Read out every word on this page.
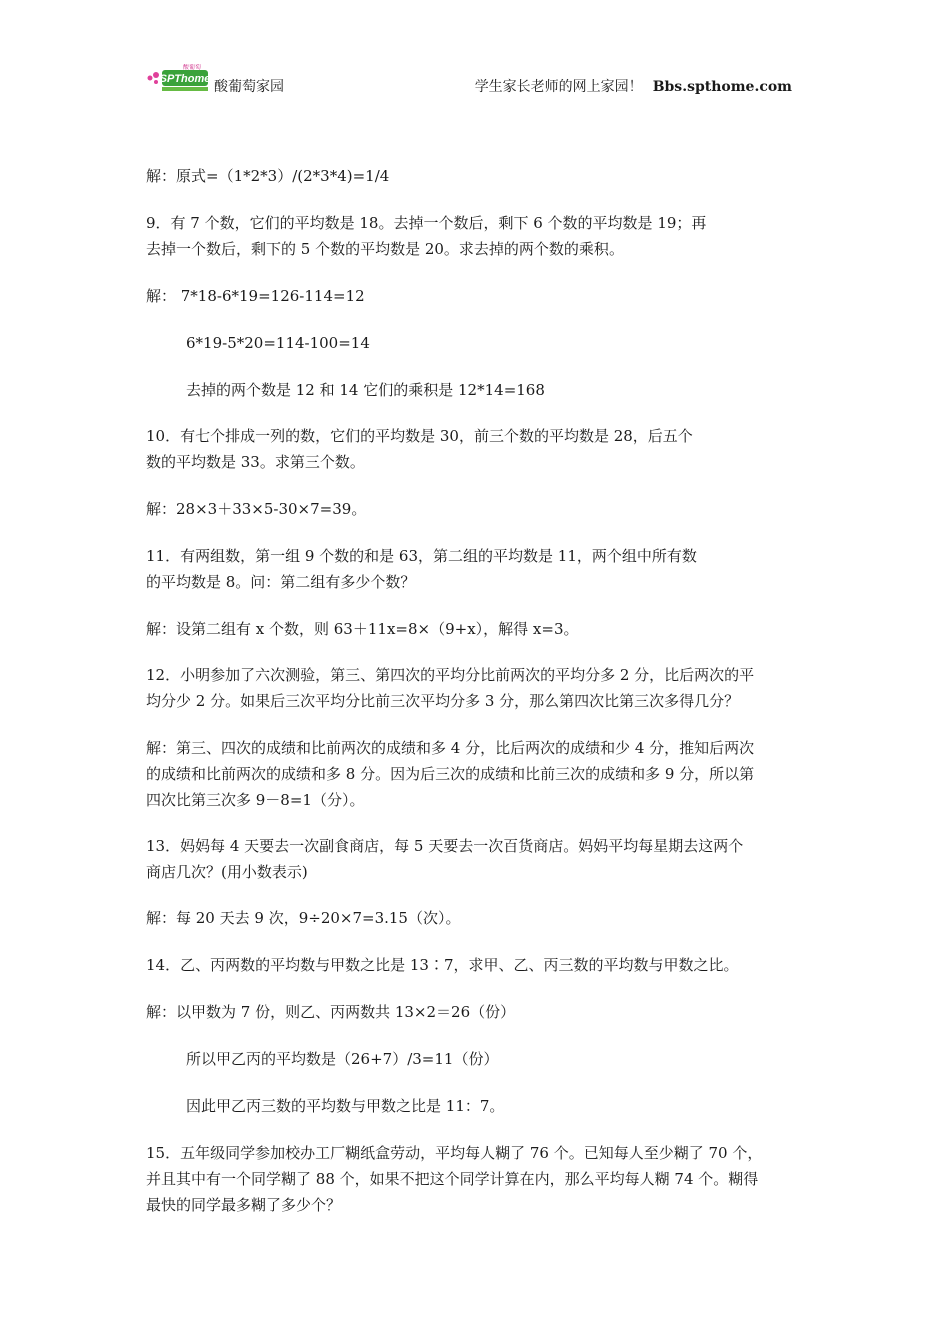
SPThome
酸葡萄
酸葡萄家园	学生家长老师的网上家园！ Bbs.spthome.com
解：原式=（1*2*3）/(2*3*4)=1/4
9．有 7 个数，它们的平均数是 18。去掉一个数后，剩下 6 个数的平均数是 19；再
去掉一个数后，剩下的 5 个数的平均数是 20。求去掉的两个数的乘积。
解： 7*18-6*19=126-114=12
6*19-5*20=114-100=14
去掉的两个数是 12 和 14 它们的乘积是 12*14=168
10．有七个排成一列的数，它们的平均数是 30，前三个数的平均数是 28，后五个
数的平均数是 33。求第三个数。
解：28×3＋33×5-30×7=39。
11．有两组数，第一组 9 个数的和是 63，第二组的平均数是 11，两个组中所有数
的平均数是 8。问：第二组有多少个数？
解：设第二组有 x 个数，则 63＋11x=8×（9+x），解得 x=3。
12．小明参加了六次测验，第三、第四次的平均分比前两次的平均分多 2 分，比后两次的平
均分少 2 分。如果后三次平均分比前三次平均分多 3 分，那么第四次比第三次多得几分？
解：第三、四次的成绩和比前两次的成绩和多 4 分，比后两次的成绩和少 4 分，推知后两次
的成绩和比前两次的成绩和多 8 分。因为后三次的成绩和比前三次的成绩和多 9 分，所以第
四次比第三次多 9－8=1（分）。
13．妈妈每 4 天要去一次副食商店，每 5 天要去一次百货商店。妈妈平均每星期去这两个
商店几次？(用小数表示)
解：每 20 天去 9 次，9÷20×7=3.15（次）。
14．乙、丙两数的平均数与甲数之比是 13∶7，求甲、乙、丙三数的平均数与甲数之比。
解：以甲数为 7 份，则乙、丙两数共 13×2＝26（份）
所以甲乙丙的平均数是（26+7）/3=11（份）
因此甲乙丙三数的平均数与甲数之比是 11：7。
15．五年级同学参加校办工厂糊纸盒劳动，平均每人糊了 76 个。已知每人至少糊了 70 个，
并且其中有一个同学糊了 88 个，如果不把这个同学计算在内，那么平均每人糊 74 个。糊得
最快的同学最多糊了多少个？
